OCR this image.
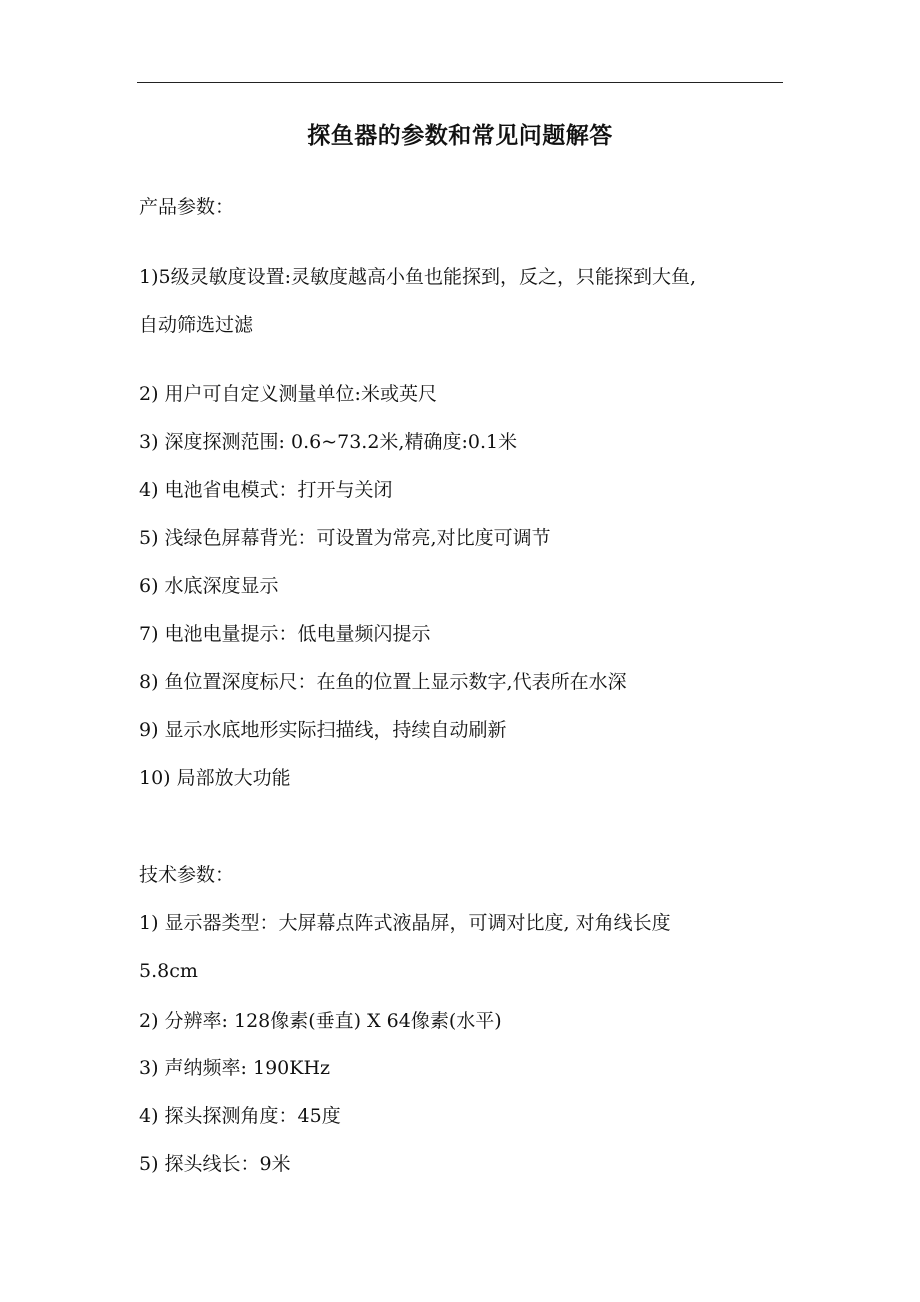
探鱼器的参数和常见问题解答
产品参数：
1)5级灵敏度设置:灵敏度越高小鱼也能探到，反之，只能探到大鱼,
自动筛选过滤
2) 用户可自定义测量单位:米或英尺
3) 深度探测范围: 0.6~73.2米,精确度:0.1米
4) 电池省电模式：打开与关闭
5) 浅绿色屏幕背光：可设置为常亮,对比度可调节
6) 水底深度显示
7) 电池电量提示：低电量频闪提示
8) 鱼位置深度标尺：在鱼的位置上显示数字,代表所在水深
9) 显示水底地形实际扫描线，持续自动刷新
10) 局部放大功能
技术参数：
1) 显示器类型：大屏幕点阵式液晶屏，可调对比度, 对角线长度
5.8cm
2) 分辨率: 128像素(垂直) X 64像素(水平)
3) 声纳频率: 190KHz
4) 探头探测角度：45度
5) 探头线长：9米
